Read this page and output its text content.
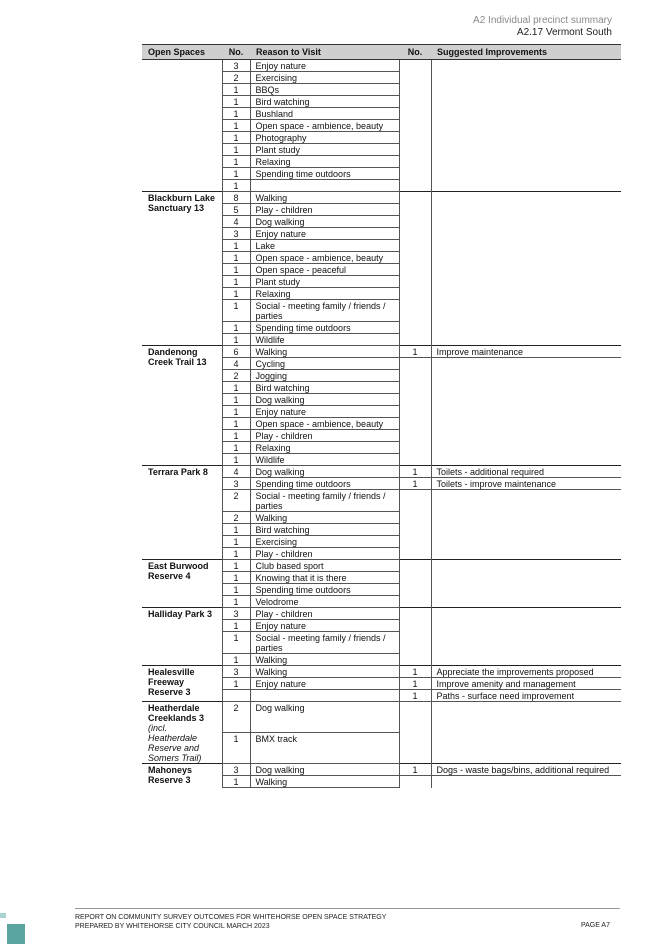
A2 Individual precinct summary
A2.17 Vermont South
Open Spaces	No.	Reason to Visit	No.	Suggested Improvements
	3	Enjoy nature		
	2	Exercising		
	1	BBQs		
	1	Bird watching		
	1	Bushland		
	1	Open space - ambience, beauty		
	1	Photography		
	1	Plant study		
	1	Relaxing		
	1	Spending time outdoors		
	1			
Blackburn Lake Sanctuary 13	8	Walking		
	5	Play - children		
	4	Dog walking		
	3	Enjoy nature		
	1	Lake		
	1	Open space - ambience, beauty		
	1	Open space - peaceful		
	1	Plant study		
	1	Relaxing		
	1	Social - meeting family / friends / parties		
	1	Spending time outdoors		
	1	Wildlife		
Dandenong Creek Trail 13	6	Walking	1	Improve maintenance
	4	Cycling		
	2	Jogging		
	1	Bird watching		
	1	Dog walking		
	1	Enjoy nature		
	1	Open space - ambience, beauty		
	1	Play - children		
	1	Relaxing		
	1	Wildlife		
Terrara Park 8	4	Dog walking	1	Toilets - additional required
	3	Spending time outdoors	1	Toilets - improve maintenance
	2	Social - meeting family / friends / parties		
	2	Walking		
	1	Bird watching		
	1	Exercising		
	1	Play - children		
East Burwood Reserve 4	1	Club based sport		
	1	Knowing that it is there		
	1	Spending time outdoors		
	1	Velodrome		
Halliday Park 3	3	Play - children		
	1	Enjoy nature		
	1	Social - meeting family / friends / parties		
	1	Walking		
Healesville Freeway Reserve 3	3	Walking	1	Appreciate the improvements proposed
	1	Enjoy nature	1	Improve amenity and management
			1	Paths - surface need improvement
Heatherdale Creeklands 3
(incl. Heatherdale Reserve and Somers Trail)	2	Dog walking		
	1	BMX track		
Mahoneys Reserve 3	3	Dog walking	1	Dogs - waste bags/bins, additional required
	1	Walking		
REPORT ON COMMUNITY SURVEY OUTCOMES FOR WHITEHORSE OPEN SPACE STRATEGY
PREPARED BY WHITEHORSE CITY COUNCIL MARCH 2023	PAGE A7
